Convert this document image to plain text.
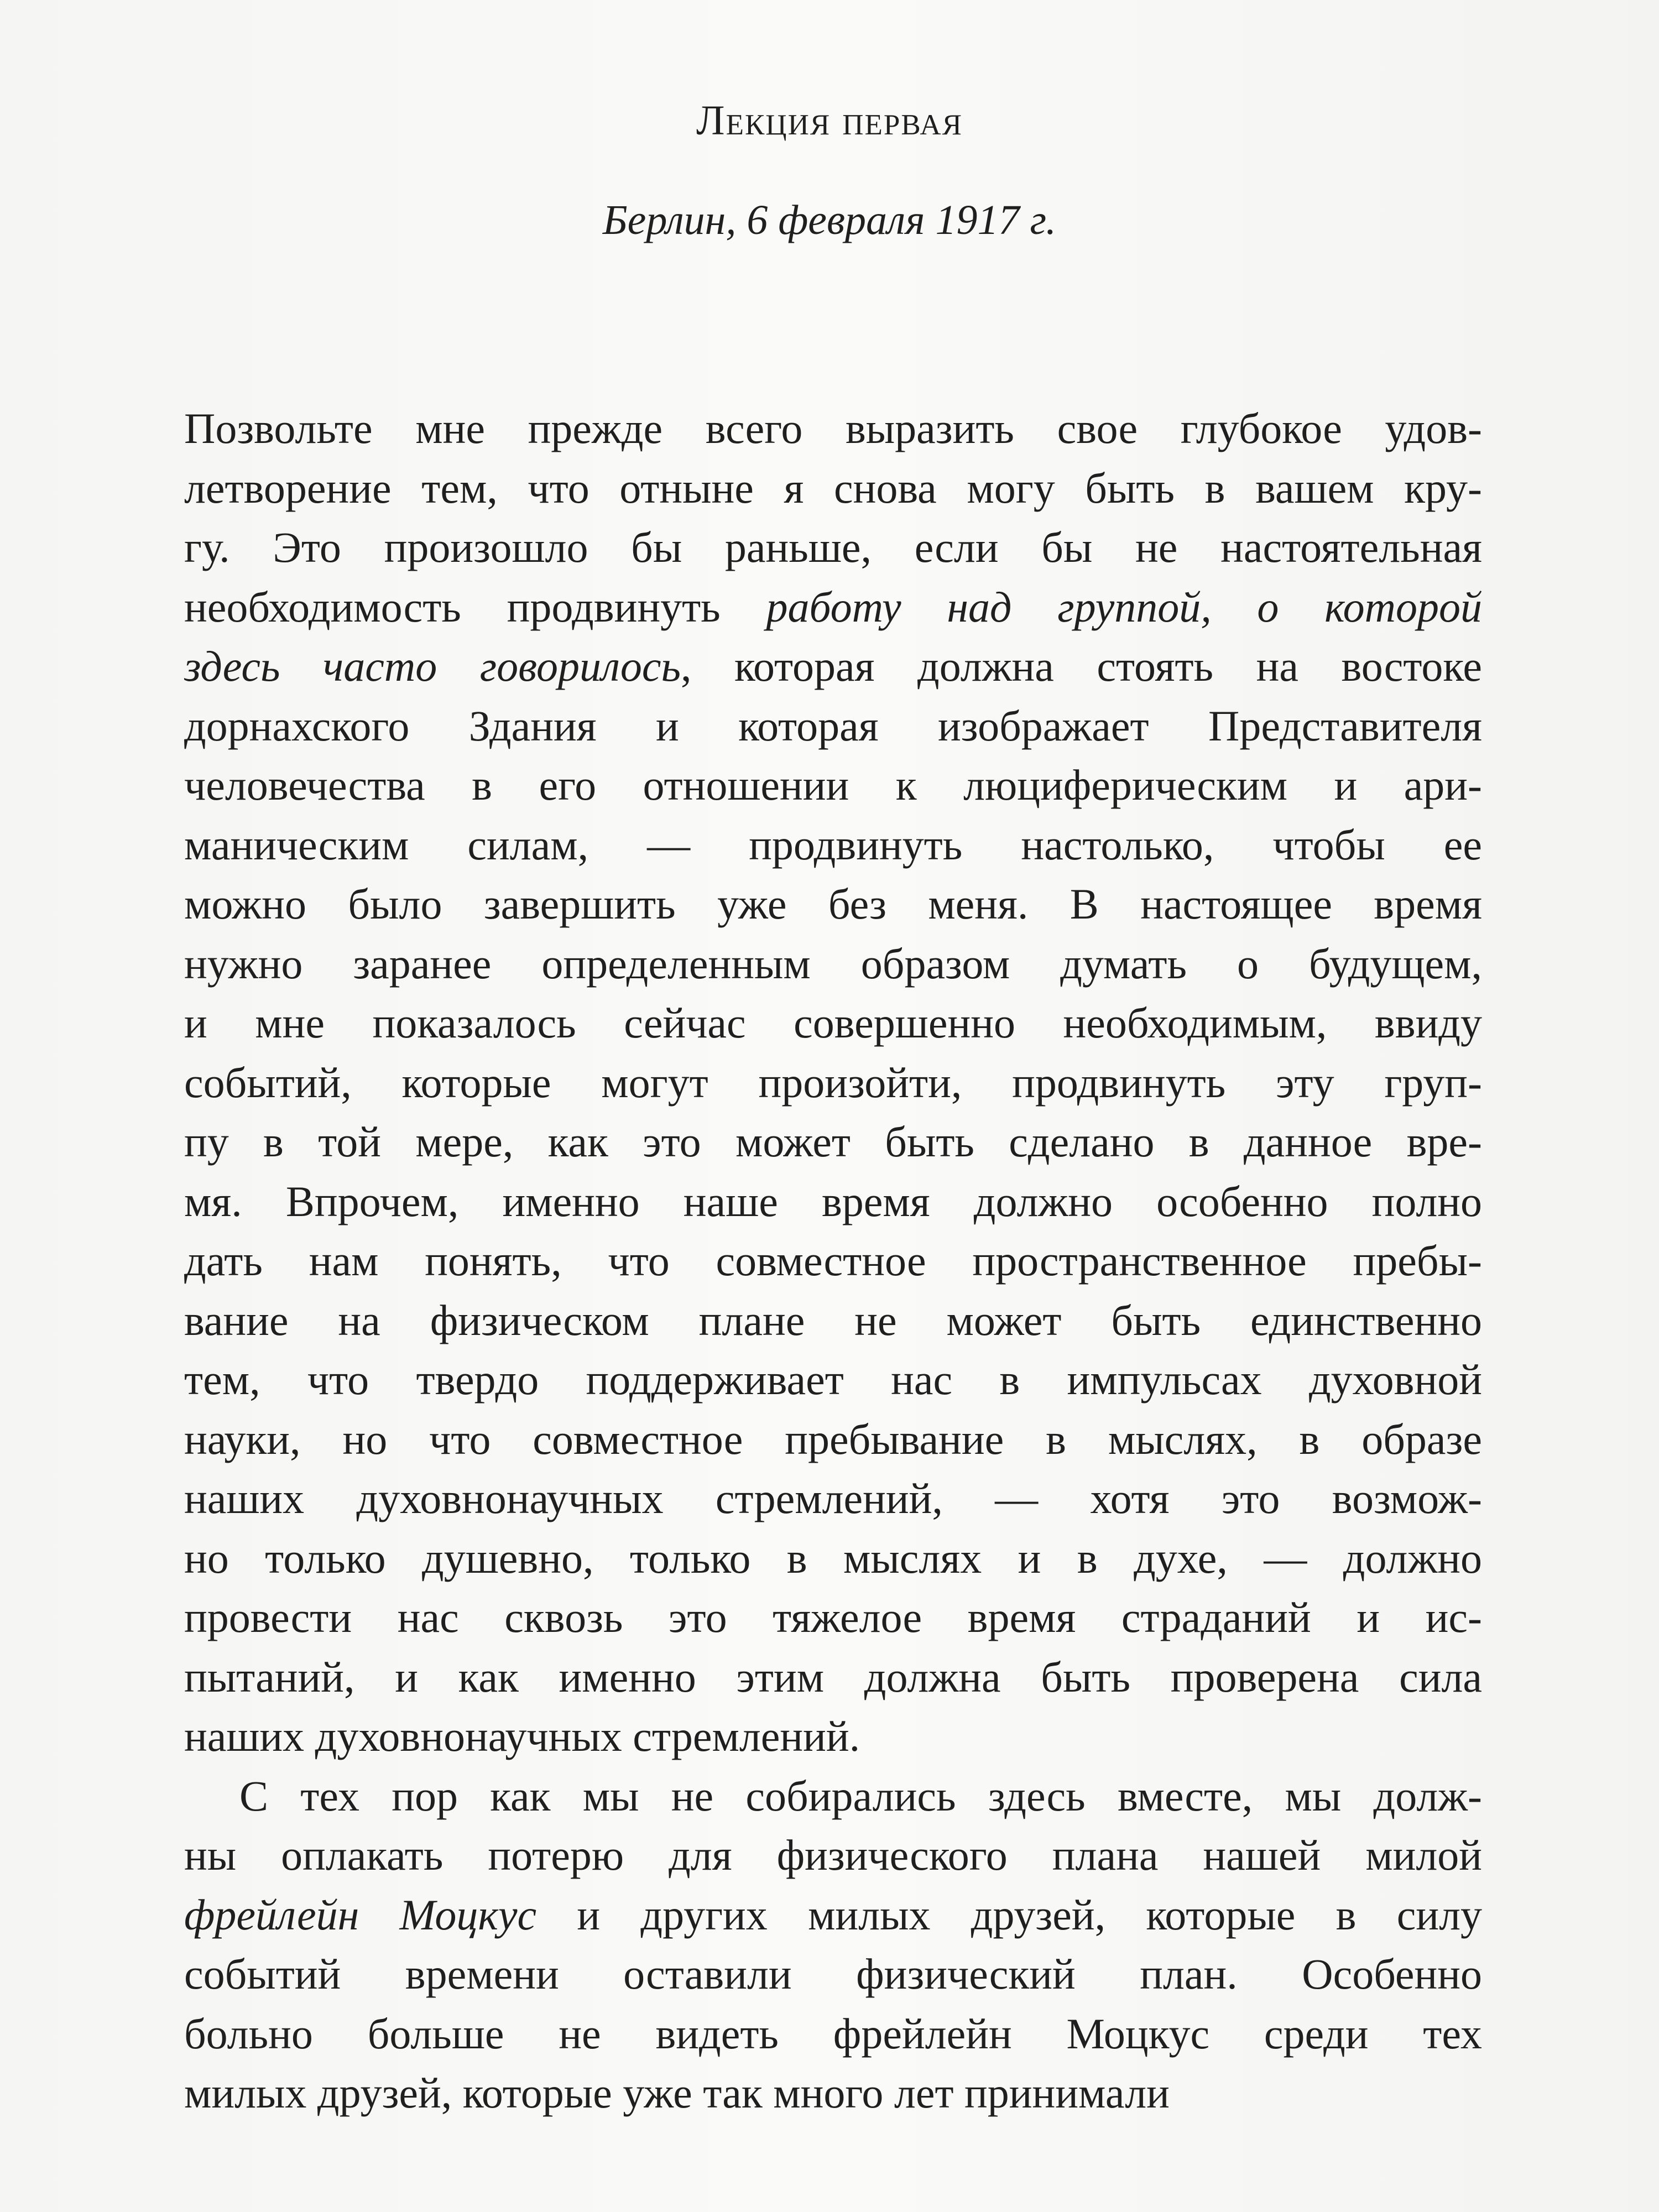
Лекция первая
Берлин, 6 февраля 1917 г.
Позвольте мне прежде всего выразить свое глубокое удов-
летворение тем, что отныне я снова могу быть в вашем кру-
гу. Это произошло бы раньше, если бы не настоятельная
необходимость продвинуть работу над группой, о которой
здесь часто говорилось, которая должна стоять на востоке
дорнахского Здания и которая изображает Представителя
человечества в его отношении к люциферическим и ари-
маническим силам, — продвинуть настолько, чтобы ее
можно было завершить уже без меня. В настоящее время
нужно заранее определенным образом думать о будущем,
и мне показалось сейчас совершенно необходимым, ввиду
событий, которые могут произойти, продвинуть эту груп-
пу в той мере, как это может быть сделано в данное вре-
мя. Впрочем, именно наше время должно особенно полно
дать нам понять, что совместное пространственное пребы-
вание на физическом плане не может быть единственно
тем, что твердо поддерживает нас в импульсах духовной
науки, но что совместное пребывание в мыслях, в образе
наших духовнонаучных стремлений, — хотя это возмож-
но только душевно, только в мыслях и в духе, — должно
провести нас сквозь это тяжелое время страданий и ис-
пытаний, и как именно этим должна быть проверена сила
наших духовнонаучных стремлений.
С тех пор как мы не собирались здесь вместе, мы долж-
ны оплакать потерю для физического плана нашей милой
фрейлейн Моцкус и других милых друзей, которые в силу
событий времени оставили физический план. Особенно
больно больше не видеть фрейлейн Моцкус среди тех
милых друзей, которые уже так много лет принимали
